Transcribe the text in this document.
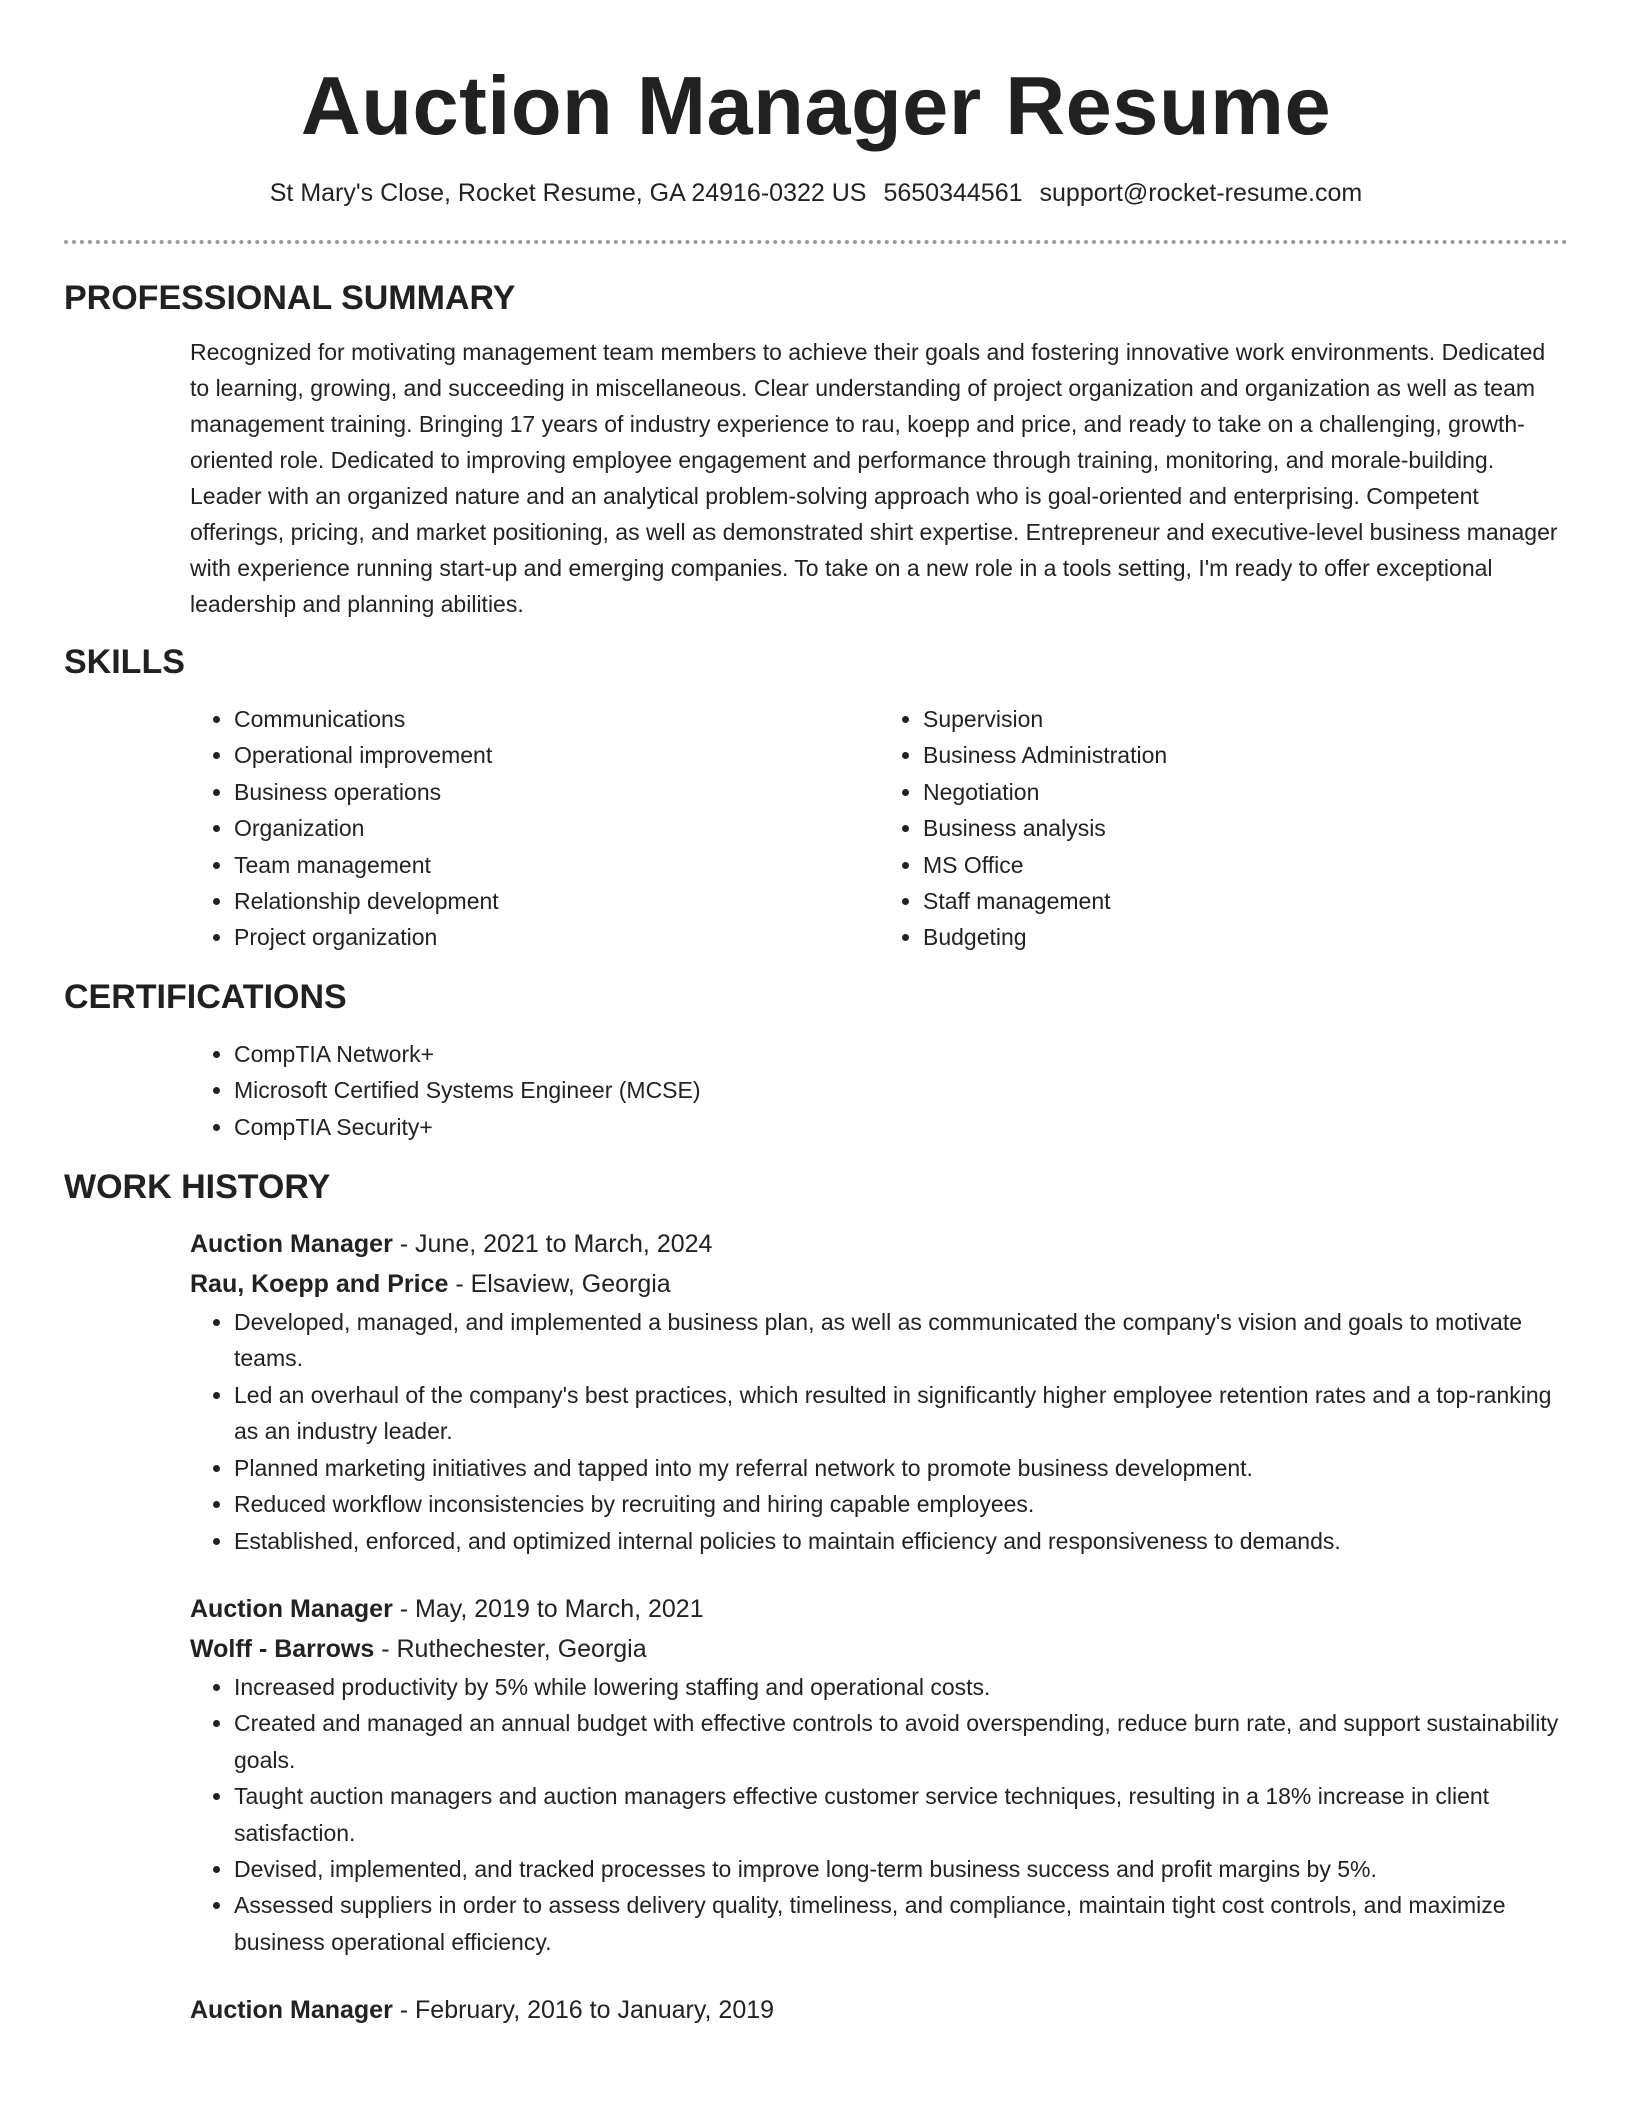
Auction Manager Resume
St Mary's Close, Rocket Resume, GA 24916-0322 US 5650344561 support@rocket-resume.com
PROFESSIONAL SUMMARY

Recognized for motivating management team members to achieve their goals and fostering innovative work environments. Dedicated to learning, growing, and succeeding in miscellaneous. Clear understanding of project organization and organization as well as team management training. Bringing 17 years of industry experience to rau, koepp and price, and ready to take on a challenging, growth-oriented role. Dedicated to improving employee engagement and performance through training, monitoring, and morale-building. Leader with an organized nature and an analytical problem-solving approach who is goal-oriented and enterprising. Competent offerings, pricing, and market positioning, as well as demonstrated shirt expertise. Entrepreneur and executive-level business manager with experience running start-up and emerging companies. To take on a new role in a tools setting, I'm ready to offer exceptional leadership and planning abilities.

SKILLS
• Communications
• Operational improvement
• Business operations
• Organization
• Team management
• Relationship development
• Project organization
• Supervision
• Business Administration
• Negotiation
• Business analysis
• MS Office
• Staff management
• Budgeting
CERTIFICATIONS
• CompTIA Network+
• Microsoft Certified Systems Engineer (MCSE)
• CompTIA Security+
WORK HISTORY
Auction Manager - June, 2021 to March, 2024
Rau, Koepp and Price - Elsaview, Georgia
• Developed, managed, and implemented a business plan, as well as communicated the company's vision and goals to motivate teams.
• Led an overhaul of the company's best practices, which resulted in significantly higher employee retention rates and a top-ranking as an industry leader.
• Planned marketing initiatives and tapped into my referral network to promote business development.
• Reduced workflow inconsistencies by recruiting and hiring capable employees.
• Established, enforced, and optimized internal policies to maintain efficiency and responsiveness to demands.
Auction Manager - May, 2019 to March, 2021
Wolff - Barrows - Ruthechester, Georgia
• Increased productivity by 5% while lowering staffing and operational costs.
• Created and managed an annual budget with effective controls to avoid overspending, reduce burn rate, and support sustainability goals.
• Taught auction managers and auction managers effective customer service techniques, resulting in a 18% increase in client satisfaction.
• Devised, implemented, and tracked processes to improve long-term business success and profit margins by 5%.
• Assessed suppliers in order to assess delivery quality, timeliness, and compliance, maintain tight cost controls, and maximize business operational efficiency.
Auction Manager - February, 2016 to January, 2019
